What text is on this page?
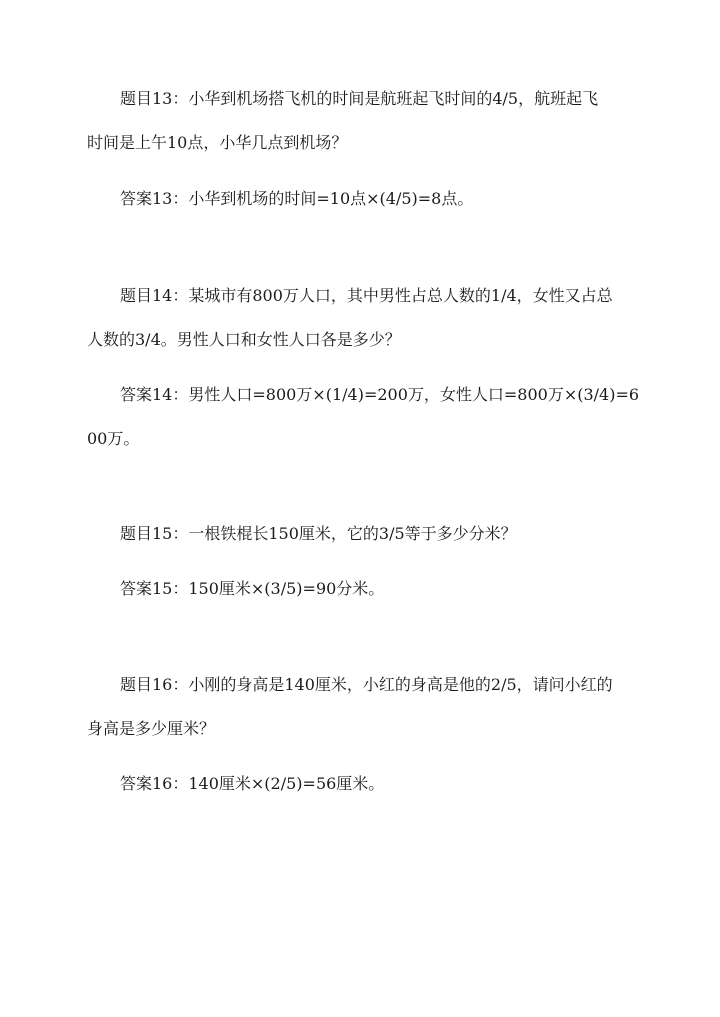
题目13：小华到机场搭飞机的时间是航班起飞时间的4/5，航班起飞
时间是上午10点，小华几点到机场？
答案13：小华到机场的时间=10点×(4/5)=8点。
题目14：某城市有800万人口，其中男性占总人数的1/4，女性又占总
人数的3/4。男性人口和女性人口各是多少？
答案14：男性人口=800万×(1/4)=200万，女性人口=800万×(3/4)=6
00万。
题目15：一根铁棍长150厘米，它的3/5等于多少分米？
答案15：150厘米×(3/5)=90分米。
题目16：小刚的身高是140厘米，小红的身高是他的2/5，请问小红的
身高是多少厘米？
答案16：140厘米×(2/5)=56厘米。
